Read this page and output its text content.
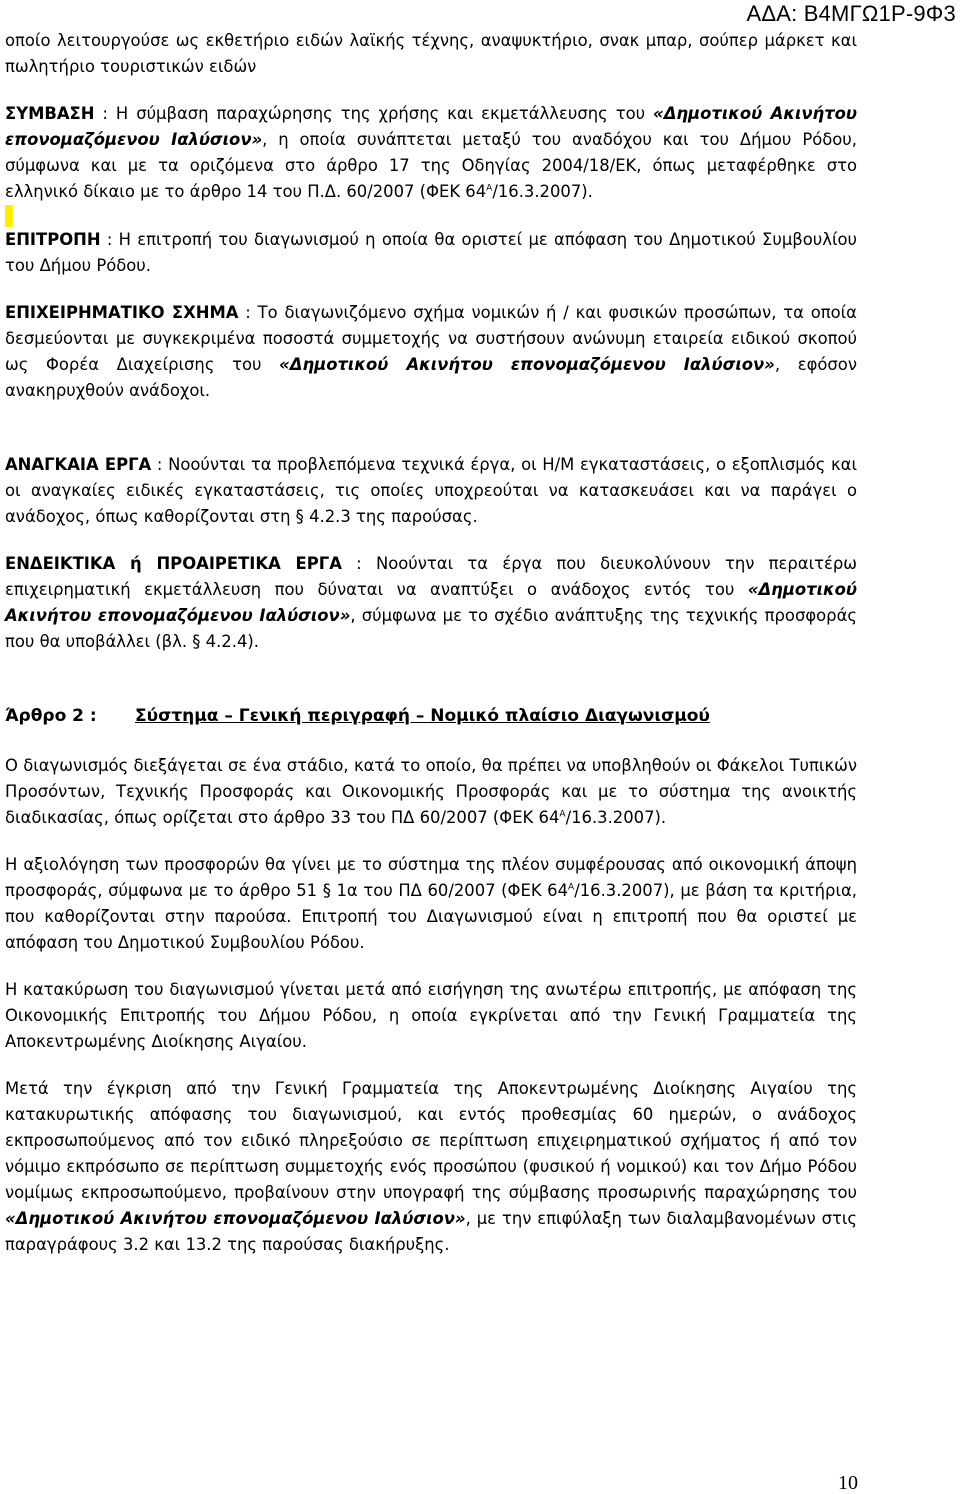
ΑΔΑ: Β4ΜΓΩ1Ρ-9Φ3

οποίο λειτουργούσε ως εκθετήριο ειδών λαϊκής τέχνης, αναψυκτήριο, σνακ μπαρ, σούπερ μάρκετ και πωλητήριο τουριστικών ειδών

ΣΥΜΒΑΣΗ : Η σύμβαση παραχώρησης της χρήσης και εκμετάλλευσης του «Δημοτικού Ακινήτου επονομαζόμενου Ιαλύσιον», η οποία συνάπτεται μεταξύ του αναδόχου και του Δήμου Ρόδου, σύμφωνα και με τα οριζόμενα στο άρθρο 17 της Οδηγίας 2004/18/ΕΚ, όπως μεταφέρθηκε στο ελληνικό δίκαιο με το άρθρο 14 του Π.Δ. 60/2007 (ΦΕΚ $64^A/16.3.2007$).

ΕΠΙΤΡΟΠΗ : Η επιτροπή του διαγωνισμού η οποία θα οριστεί με απόφαση του Δημοτικού Συμβουλίου του Δήμου Ρόδου.

ΕΠΙΧΕΙΡΗΜΑΤΙΚΟ ΣΧΗΜΑ : Το διαγωνιζόμενο σχήμα νομικών ή / και φυσικών προσώπων, τα οποία δεσμεύονται με συγκεκριμένα ποσοστά συμμετοχής να συστήσουν ανώνυμη εταιρεία ειδικού σκοπού ως Φορέα Διαχείρισης του «Δημοτικού Ακινήτου επονομαζόμενου Ιαλύσιον», εφόσον ανακηρυχθούν ανάδοχοι.

ΑΝΑΓΚΑΙΑ ΕΡΓΑ : Νοούνται τα προβλεπόμενα τεχνικά έργα, οι Η/Μ εγκαταστάσεις, ο εξοπλισμός και οι αναγκαίες ειδικές εγκαταστάσεις, τις οποίες υποχρεούται να κατασκευάσει και να παράγει ο ανάδοχος, όπως καθορίζονται στη § 4.2.3 της παρούσας.

ΕΝΔΕΙΚΤΙΚΑ ή ΠΡΟΑΙΡΕΤΙΚΑ ΕΡΓΑ : Νοούνται τα έργα που διευκολύνουν την περαιτέρω επιχειρηματική εκμετάλλευση που δύναται να αναπτύξει ο ανάδοχος εντός του «Δημοτικού Ακινήτου επονομαζόμενου Ιαλύσιον», σύμφωνα με το σχέδιο ανάπτυξης της τεχνικής προσφοράς που θα υποβάλλει (βλ. § 4.2.4).

Άρθρο 2 : Σύστημα – Γενική περιγραφή – Νομικό πλαίσιο Διαγωνισμού

Ο διαγωνισμός διεξάγεται σε ένα στάδιο, κατά το οποίο, θα πρέπει να υποβληθούν οι Φάκελοι Τυπικών Προσόντων, Τεχνικής Προσφοράς και Οικονομικής Προσφοράς και με το σύστημα της ανοικτής διαδικασίας, όπως ορίζεται στο άρθρο 33 του ΠΔ 60/2007 (ΦΕΚ $64^A/16.3.2007$).

Η αξιολόγηση των προσφορών θα γίνει με το σύστημα της πλέον συμφέρουσας από οικονομική άποψη προσφοράς, σύμφωνα με το άρθρο 51 § 1α του ΠΔ 60/2007 (ΦΕΚ $64^A/16.3.2007$), με βάση τα κριτήρια, που καθορίζονται στην παρούσα. Επιτροπή του Διαγωνισμού είναι η επιτροπή που θα οριστεί με απόφαση του Δημοτικού Συμβουλίου Ρόδου.

Η κατακύρωση του διαγωνισμού γίνεται μετά από εισήγηση της ανωτέρω επιτροπής, με απόφαση της Οικονομικής Επιτροπής του Δήμου Ρόδου, η οποία εγκρίνεται από την Γενική Γραμματεία της Αποκεντρωμένης Διοίκησης Αιγαίου.

Μετά την έγκριση από την Γενική Γραμματεία της Αποκεντρωμένης Διοίκησης Αιγαίου της κατακυρωτικής απόφασης του διαγωνισμού, και εντός προθεσμίας 60 ημερών, ο ανάδοχος εκπροσωπούμενος από τον ειδικό πληρεξούσιο σε περίπτωση επιχειρηματικού σχήματος ή από τον νόμιμο εκπρόσωπο σε περίπτωση συμμετοχής ενός προσώπου (φυσικού ή νομικού) και τον Δήμο Ρόδου νομίμως εκπροσωπούμενο, προβαίνουν στην υπογραφή της σύμβασης προσωρινής παραχώρησης του «Δημοτικού Ακινήτου επονομαζόμενου Ιαλύσιον», με την επιφύλαξη των διαλαμβανομένων στις παραγράφους 3.2 και 13.2 της παρούσας διακήρυξης.

10
